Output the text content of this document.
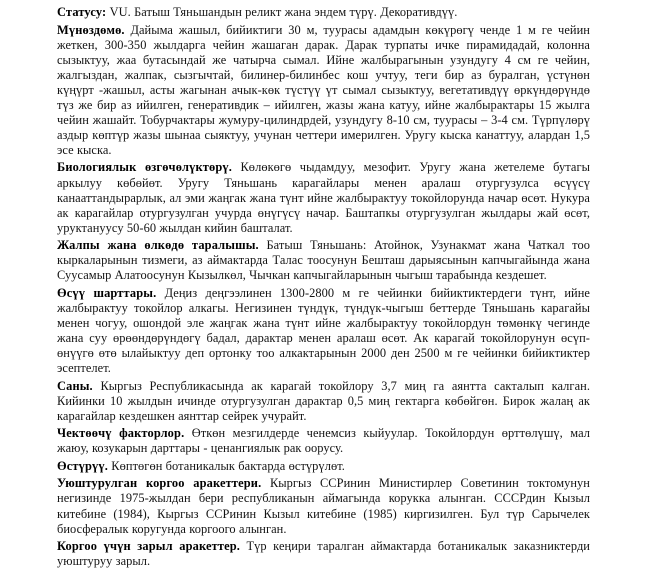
Статусу: VU. Батыш Тяньшандын реликт жана эндем түрү. Декоративдүү.

Мүнөздөмө. Дайыма жашыл, бийиктиги 30 м, туурасы адамдын көкүрөгү ченде 1 м ге чейин жеткен, 300-350 жылдарга чейин жашаган дарак. Дарак турпаты ичке пирамидадай, колонна сызыктуу, жаа бутасындай же чатырча сымал. Ийне жалбырагынын узундугу 4 см ге чейин, жалгыздан, жалпак, сызгычтай, билинер-билинбес кош учтуу, теги бир аз буралган, үстүнөн күңүрт -жашыл, асты жагынан ачык-көк түстүү үт сымал сызыктуу, вегетативдүү өркүндөрүндө түз же бир аз ийилген, генеративдик – ийилген, жазы жана катуу, ийне жалбырактары 15 жылга чейин жашайт. Тобурчактары жумуру-цилиндрдей, узундугу 8-10 см, туурасы – 3-4 см. Түрпүлөрү аздыр көптүр жазы шынаа сыяктуу, учунан четтери имерилген. Уругу кыска канаттуу, алардан 1,5 эсе кыска.

Биологиялык өзгөчөлүктөрү. Көлөкөгө чыдамдуу, мезофит. Уругу жана жетелеме бутагы аркылуу көбөйөт. Уругу Тяньшань карагайлары менен аралаш отургузулса өсүүсү канааттандырарлык, ал эми жаңгак жана түнт ийне жалбырактуу токойлорунда начар өсөт. Нукура ак карагайлар отургузулган учурда өнүгүсү начар. Баштапкы отургузулган жылдары жай өсөт, уруктануусу 50-60 жылдан кийин башталат.

Жалпы жана өлкөдө таралышы. Батыш Тяньшань: Атойнок, Узунакмат жана Чаткал тоо кыркаларынын тизмеги, аз аймактарда Талас тоосунун Бешташ дарыясынын капчыгайында жана Суусамыр Алатоосунун Кызылкөл, Чычкан капчыгайларынын чыгыш тарабында кездешет.

Өсүү шарттары. Деңиз деңгээлинен 1300-2800 м ге чейинки бийиктиктердеги түнт, ийне жалбырактуу токойлор алкагы. Негизинен түндүк, түндүк-чыгыш беттерде Тяньшань карагайы менен чогуу, ошондой эле жаңгак жана түнт ийне жалбырактуу токойлордун төмөнкү чегинде жана суу өрөөндөрүндөгү бадал, дарактар менен аралаш өсөт. Ак карагай токойлорунун өсүп-өнүүгө өтө ылайыктуу деп ортонку тоо алкактарынын 2000 ден 2500 м ге чейинки бийиктиктер эсептелет.

Саны. Кыргыз Республикасында ак карагай токойлору 3,7 миң га аянтта сакталып калган. Кийинки 10 жылдын ичинде отургузулган дарактар 0,5 миң гектарга көбөйгөн. Бирок жалаң ак карагайлар кездешкен аянттар сейрек учурайт.

Чектөөчү факторлор. Өткөн мезгилдерде ченемсиз кыйуулар. Токойлордун өрттөлүшү, мал жаюу, козукарын дарттары - ценангиялык рак оорусу.

Өстүрүү. Көптөгөн ботаникалык бактарда өстүрүлөт.

Уюштурулган коргоо аракеттери. Кыргыз ССРинин Министирлер Советинин токтомунун негизинде 1975-жылдан бери республиканын аймагында корукка алынган. СССРдин Кызыл китебине (1984), Кыргыз ССРинин Кызыл китебине (1985) киргизилген. Бул түр Сарычелек биосфералык коругунда коргоого алынган.

Коргоо үчүн зарыл аракеттер. Түр кеңири таралган аймактарда ботаникалык заказниктерди уюштуруу зарыл.
